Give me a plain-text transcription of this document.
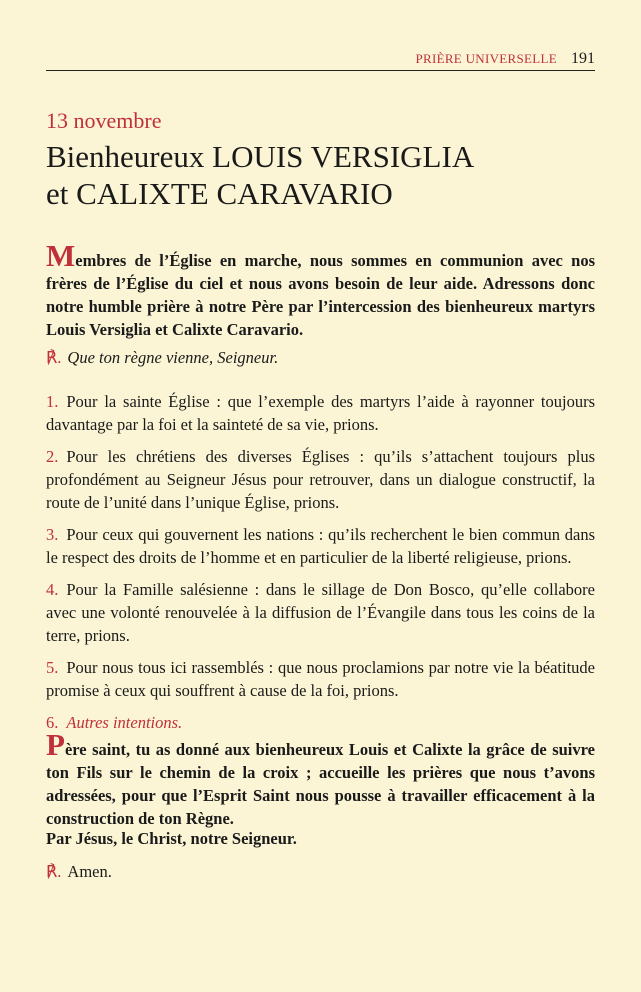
PRIÈRE UNIVERSELLE 191
13 novembre
Bienheureux LOUIS VERSIGLIA
et CALIXTE CARAVARIO
Membres de l’Église en marche, nous sommes en communion avec nos frères de l’Église du ciel et nous avons besoin de leur aide. Adressons donc notre humble prière à notre Père par l’intercession des bienheureux martyrs Louis Versiglia et Calixte Caravario.
℟. Que ton règne vienne, Seigneur.
1. Pour la sainte Église : que l’exemple des martyrs l’aide à rayonner toujours davantage par la foi et la sainteté de sa vie, prions.
2. Pour les chrétiens des diverses Églises : qu’ils s’attachent toujours plus profondément au Seigneur Jésus pour retrouver, dans un dialogue constructif, la route de l’unité dans l’unique Église, prions.
3. Pour ceux qui gouvernent les nations : qu’ils recherchent le bien commun dans le respect des droits de l’homme et en particulier de la liberté religieuse, prions.
4. Pour la Famille salésienne : dans le sillage de Don Bosco, qu’elle collabore avec une volonté renouvelée à la diffusion de l’Évangile dans tous les coins de la terre, prions.
5. Pour nous tous ici rassemblés : que nous proclamions par notre vie la béatitude promise à ceux qui souffrent à cause de la foi, prions.
6. Autres intentions.
Père saint, tu as donné aux bienheureux Louis et Calixte la grâce de suivre ton Fils sur le chemin de la croix ; accueille les prières que nous t’avons adressées, pour que l’Esprit Saint nous pousse à travailler efficacement à la construction de ton Règne.
Par Jésus, le Christ, notre Seigneur.
℟. Amen.
